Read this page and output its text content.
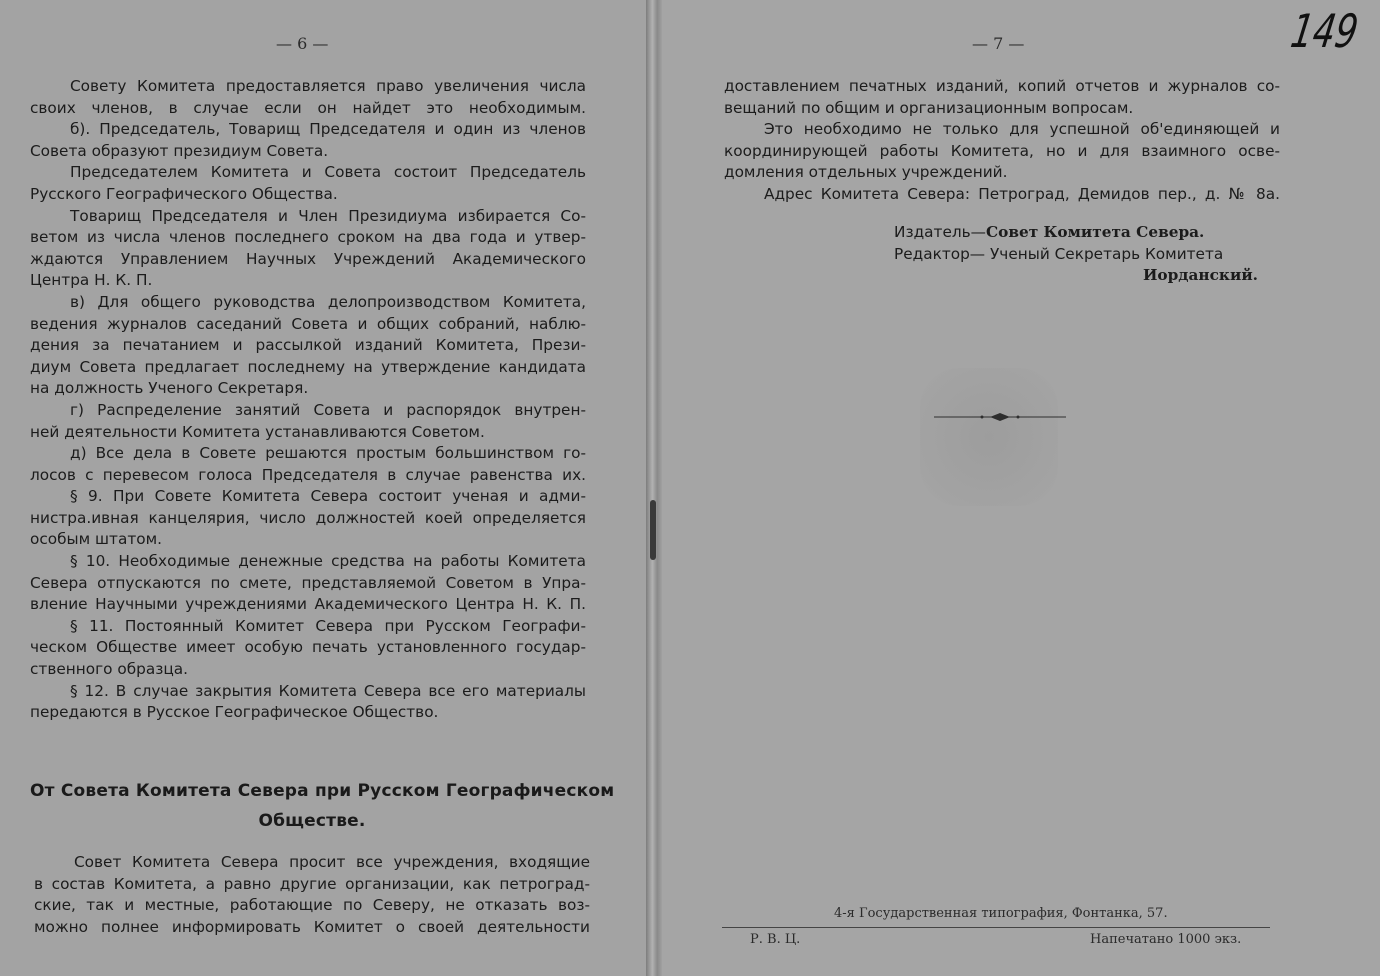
— 6 —
Совету Комитета предоставляется право увеличения числа
своих членов, в случае если он найдет это необходимым.
б). Председатель, Товарищ Председателя и один из членов
Совета образуют президиум Совета.
Председателем Комитета и Совета состоит Председатель
Русского Географического Общества.
Товарищ Председателя и Член Президиума избирается Со-
ветом из числа членов последнего сроком на два года и утвер-
ждаются Управлением Научных Учреждений Академического
Центра Н. К. П.
в) Для общего руководства делопроизводством Комитета,
ведения журналов саседаний Совета и общих собраний, наблю-
дения за печатанием и рассылкой изданий Комитета, Прези-
диум Совета предлагает последнему на утверждение кандидата
на должность Ученого Секретаря.
г) Распределение занятий Совета и распорядок внутрен-
ней деятельности Комитета устанавливаются Советом.
д) Все дела в Совете решаются простым большинством го-
лосов с перевесом голоса Председателя в случае равенства их.
§ 9. При Совете Комитета Севера состоит ученая и адми-
нистра.ивная канцелярия, число должностей коей определяется
особым штатом.
§ 10. Необходимые денежные средства на работы Комитета
Севера отпускаются по смете, представляемой Советом в Упра-
вление Научными учреждениями Академического Центра Н. К. П.
§ 11. Постоянный Комитет Севера при Русском Географи-
ческом Обществе имеет особую печать установленного государ-
ственного образца.
§ 12. В случае закрытия Комитета Севера все его материалы
передаются в Русское Географическое Общество.
От Совета Комитета Севера при Русском Географическом
Обществе.
Совет Комитета Севера просит все учреждения, входящие
в состав Комитета, а равно другие организации, как петроград-
ские, так и местные, работающие по Северу, не отказать воз-
можно полнее информировать Комитет о своей деятельности
— 7 —	149
доставлением печатных изданий, копий отчетов и журналов со-
вещаний по общим и организационным вопросам.
Это необходимо не только для успешной об'единяющей и
координирующей работы Комитета, но и для взаимного осве-
домления отдельных учреждений.
Адрес Комитета Севера: Петроград, Демидов пер., д. № 8а.
Издатель—Совет Комитета Севера.
Редактор— Ученый Секретарь Комитета
Иорданский.
4-я Государственная типография, Фонтанка, 57.
Р. В. Ц.	Напечатано 1000 экз.
